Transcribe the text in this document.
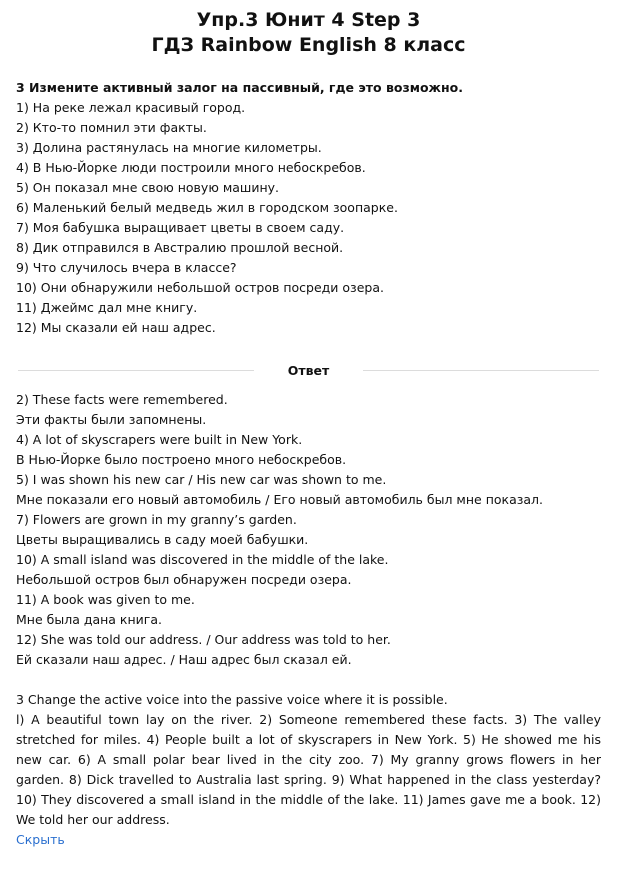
Упр.3 Юнит 4 Step 3
ГДЗ Rainbow English 8 класс
3 Измените активный залог на пассивный, где это возможно.
1) На реке лежал красивый город.
2) Кто-то помнил эти факты.
3) Долина растянулась на многие километры.
4) В Нью-Йорке люди построили много небоскребов.
5) Он показал мне свою новую машину.
6) Маленький белый медведь жил в городском зоопарке.
7) Моя бабушка выращивает цветы в своем саду.
8) Дик отправился в Австралию прошлой весной.
9) Что случилось вчера в классе?
10) Они обнаружили небольшой остров посреди озера.
11) Джеймс дал мне книгу.
12) Мы сказали ей наш адрес.
Ответ
2) These facts were remembered.
Эти факты были запомнены.
4) A lot of skyscrapers were built in New York.
В Нью-Йорке было построено много небоскребов.
5) I was shown his new car / His new car was shown to me.
Мне показали его новый автомобиль / Его новый автомобиль был мне показал.
7) Flowers are grown in my granny’s garden.
Цветы выращивались в саду моей бабушки.
10) A small island was discovered in the middle of the lake.
Небольшой остров был обнаружен посреди озера.
11) A book was given to me.
Мне была дана книга.
12) She was told our address. / Our address was told to her.
Ей сказали наш адрес. / Наш адрес был сказал ей.
3 Change the active voice into the passive voice where it is possible.
l) A beautiful town lay on the river. 2) Someone remembered these facts. 3) The valley stretched for miles. 4) People built a lot of skyscrapers in New York. 5) He showed me his new car. 6) A small polar bear lived in the city zoo. 7) My granny grows flowers in her garden. 8) Dick travelled to Australia last spring. 9) What happened in the class yesterday? 10) They discovered a small island in the middle of the lake. 11) James gave me a book. 12) We told her our address.
Скрыть
